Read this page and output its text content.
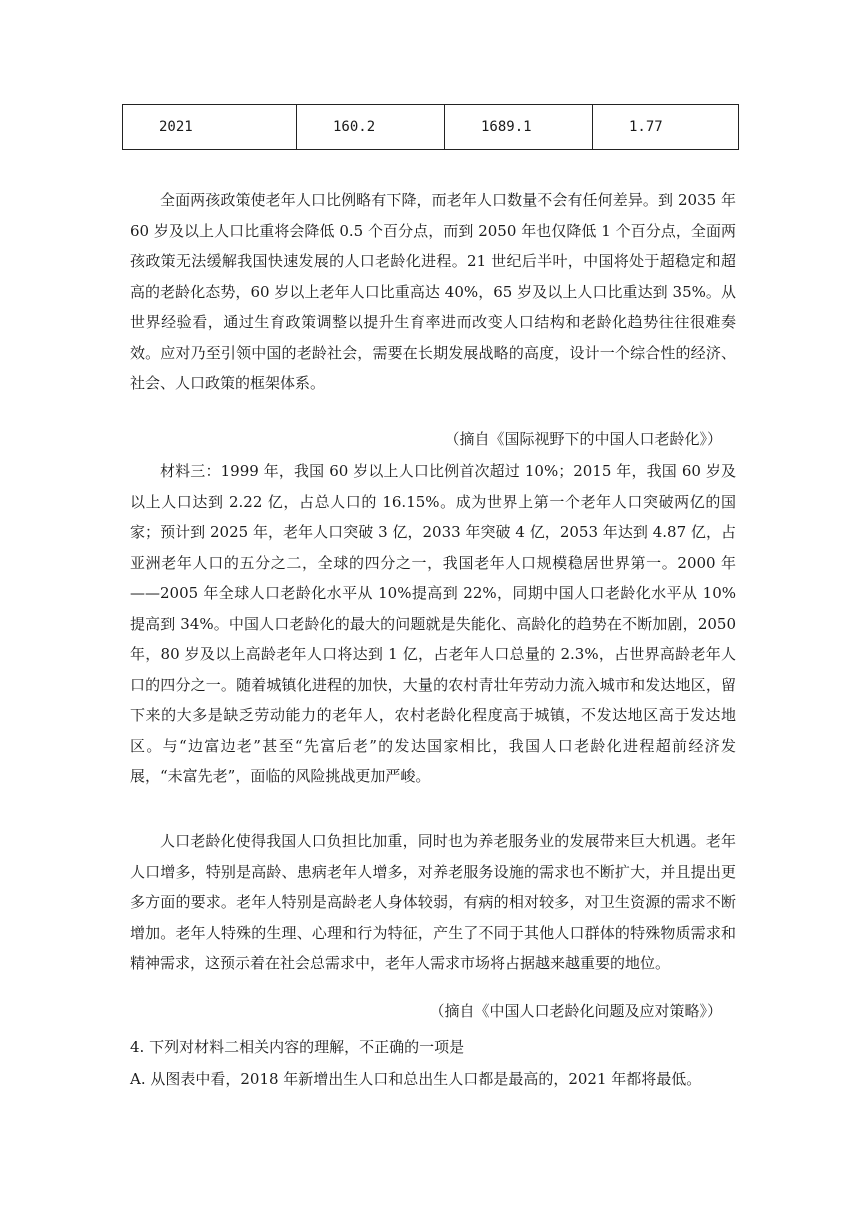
2021	160.2	1689.1	1.77

全面两孩政策使老年人口比例略有下降，而老年人口数量不会有任何差异。到 2035 年 60 岁及以上人口比重将会降低 0.5 个百分点，而到 2050 年也仅降低 1 个百分点，全面两孩政策无法缓解我国快速发展的人口老龄化进程。21 世纪后半叶，中国将处于超稳定和超高的老龄化态势，60 岁以上老年人口比重高达 40%，65 岁及以上人口比重达到 35%。从世界经验看，通过生育政策调整以提升生育率进而改变人口结构和老龄化趋势往往很难奏效。应对乃至引领中国的老龄社会，需要在长期发展战略的高度，设计一个综合性的经济、社会、人口政策的框架体系。

（摘自《国际视野下的中国人口老龄化》）

材料三：1999 年，我国 60 岁以上人口比例首次超过 10%；2015 年，我国 60 岁及以上人口达到 2.22 亿，占总人口的 16.15%。成为世界上第一个老年人口突破两亿的国家；预计到 2025 年，老年人口突破 3 亿，2033 年突破 4 亿，2053 年达到 4.87 亿，占亚洲老年人口的五分之二，全球的四分之一，我国老年人口规模稳居世界第一。2000 年——2005 年全球人口老龄化水平从 10%提高到 22%，同期中国人口老龄化水平从 10%提高到 34%。中国人口老龄化的最大的问题就是失能化、高龄化的趋势在不断加剧，2050 年，80 岁及以上高龄老年人口将达到 1 亿，占老年人口总量的 2.3%，占世界高龄老年人口的四分之一。随着城镇化进程的加快，大量的农村青壮年劳动力流入城市和发达地区，留下来的大多是缺乏劳动能力的老年人，农村老龄化程度高于城镇，不发达地区高于发达地区。与“边富边老”甚至“先富后老”的发达国家相比，我国人口老龄化进程超前经济发展，“未富先老”，面临的风险挑战更加严峻。

人口老龄化使得我国人口负担比加重，同时也为养老服务业的发展带来巨大机遇。老年人口增多，特别是高龄、患病老年人增多，对养老服务设施的需求也不断扩大，并且提出更多方面的要求。老年人特别是高龄老人身体较弱，有病的相对较多，对卫生资源的需求不断增加。老年人特殊的生理、心理和行为特征，产生了不同于其他人口群体的特殊物质需求和精神需求，这预示着在社会总需求中，老年人需求市场将占据越来越重要的地位。

（摘自《中国人口老龄化问题及应对策略》）

4. 下列对材料二相关内容的理解，不正确的一项是

A. 从图表中看，2018 年新增出生人口和总出生人口都是最高的，2021 年都将最低。
